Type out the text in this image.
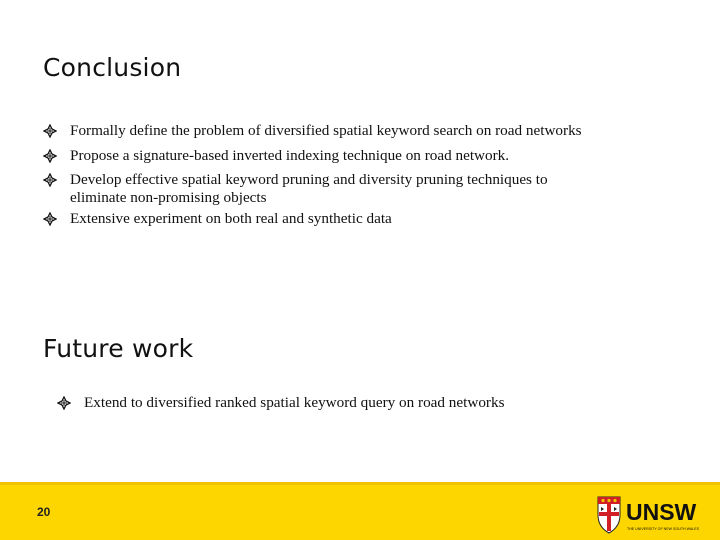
Conclusion
Formally define the problem of diversified spatial keyword search on road networks
Propose a signature-based inverted indexing technique on road network.
Develop effective spatial keyword pruning and diversity pruning techniques to
eliminate non-promising objects
Extensive experiment on both real and synthetic data
Future work
Extend to diversified ranked spatial keyword query on road networks
20	UNSW
THE UNIVERSITY OF NEW SOUTH WALES
